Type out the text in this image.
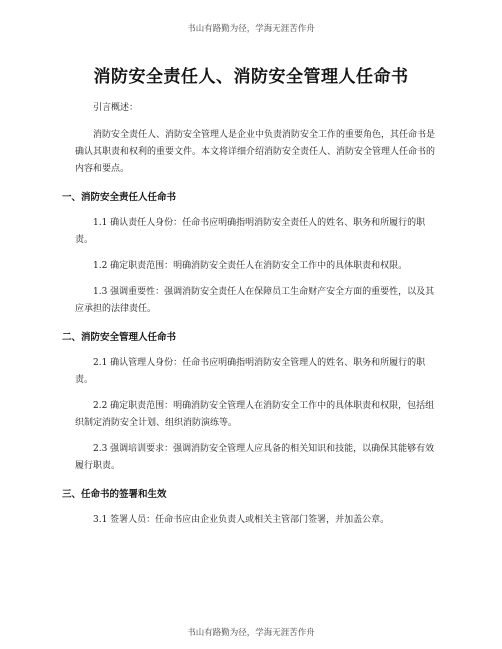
书山有路勤为径，学海无涯苦作舟
消防安全责任人、消防安全管理人任命书

引言概述：

消防安全责任人、消防安全管理人是企业中负责消防安全工作的重要角色，其任命书是确认其职责和权利的重要文件。本文将详细介绍消防安全责任人、消防安全管理人任命书的内容和要点。

一、消防安全责任人任命书

1.1 确认责任人身份：任命书应明确指明消防安全责任人的姓名、职务和所履行的职责。

1.2 确定职责范围：明确消防安全责任人在消防安全工作中的具体职责和权限。

1.3 强调重要性：强调消防安全责任人在保障员工生命财产安全方面的重要性，以及其应承担的法律责任。

二、消防安全管理人任命书

2.1 确认管理人身份：任命书应明确指明消防安全管理人的姓名、职务和所履行的职责。

2.2 确定职责范围：明确消防安全管理人在消防安全工作中的具体职责和权限，包括组织制定消防安全计划、组织消防演练等。

2.3 强调培训要求：强调消防安全管理人应具备的相关知识和技能，以确保其能够有效履行职责。

三、任命书的签署和生效

3.1 签署人员：任命书应由企业负责人或相关主管部门签署，并加盖公章。

书山有路勤为径，学海无涯苦作舟
